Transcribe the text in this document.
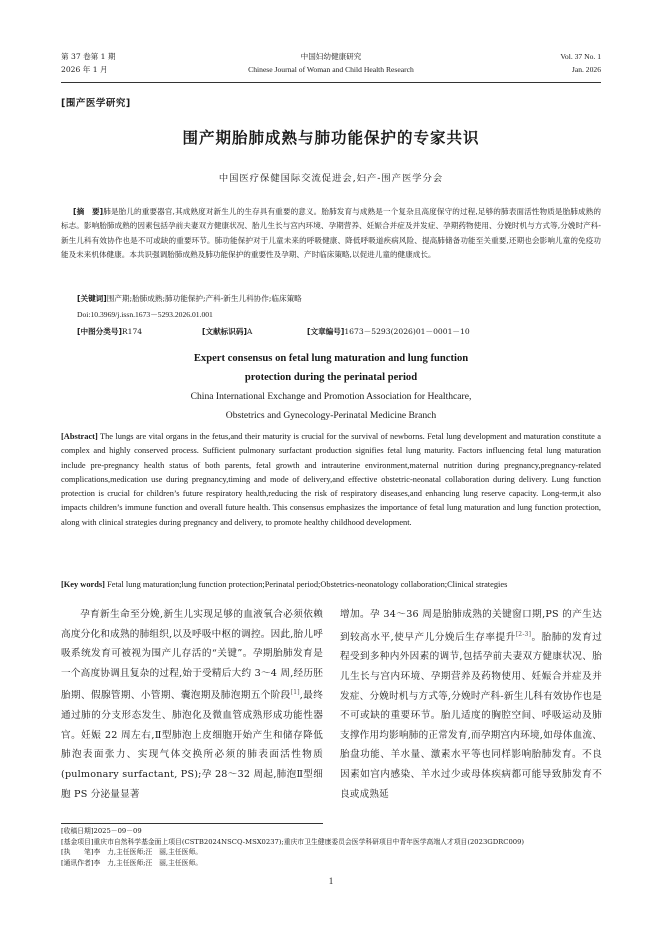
第 37 卷第 1 期
2026 年 1 月
中国妇幼健康研究
Chinese Journal of Woman and Child Health Research
Vol. 37 No. 1
Jan. 2026
[围产医学研究]
围产期胎肺成熟与肺功能保护的专家共识
中国医疗保健国际交流促进会,妇产-围产医学分会
[摘　要]肺是胎儿的重要器官,其成熟度对新生儿的生存具有重要的意义。胎肺发育与成熟是一个复杂且高度保守的过程,足够的肺表面活性物质是胎肺成熟的标志。影响胎肺成熟的因素包括孕前夫妻双方健康状况、胎儿生长与宫内环境、孕期营养、妊娠合并症及并发症、孕期药物使用、分娩时机与方式等,分娩时产科-新生儿科有效协作也是不可或缺的重要环节。肺功能保护对于儿童未来的呼吸健康、降低呼吸道疾病风险、提高肺储备功能至关重要,还期也会影响儿童的免疫功能及未来机体健康。本共识强调胎肺成熟及肺功能保护的重要性及孕期、产时临床策略,以促进儿童的健康成长。
[关键词]围产期;胎肺成熟;肺功能保护;产科-新生儿科协作;临床策略
Doi:10.3969/j.issn.1673－5293.2026.01.001
[中图分类号]R174	[文献标识码]A	[文章编号]1673－5293(2026)01－0001－10
Expert consensus on fetal lung maturation and lung function
protection during the perinatal period
China International Exchange and Promotion Association for Healthcare,
Obstetrics and Gynecology-Perinatal Medicine Branch
[Abstract] The lungs are vital organs in the fetus,and their maturity is crucial for the survival of newborns. Fetal lung development and maturation constitute a complex and highly conserved process. Sufficient pulmonary surfactant production signifies fetal lung maturity. Factors influencing fetal lung maturation include pre-pregnancy health status of both parents, fetal growth and intrauterine environment,maternal nutrition during pregnancy,pregnancy-related complications,medication use during pregnancy,timing and mode of delivery,and effective obstetric-neonatal collaboration during delivery. Lung function protection is crucial for children’s future respiratory health,reducing the risk of respiratory diseases,and enhancing lung reserve capacity. Long-term,it also impacts children’s immune function and overall future health. This consensus emphasizes the importance of fetal lung maturation and lung function protection, along with clinical strategies during pregnancy and delivery, to promote healthy childhood development.
[Key words] Fetal lung maturation;lung function protection;Perinatal period;Obstetrics-neonatology collaboration;Clinical strategies
孕育新生命至分娩,新生儿实现足够的血液氧合必须依赖高度分化和成熟的肺组织,以及呼吸中枢的调控。因此,胎儿呼吸系统发育可被视为围产儿存活的“关键”。孕期胎肺发育是一个高度协调且复杂的过程,始于受精后大约 3～4 周,经历胚胎期、假腺管期、小管期、囊泡期及肺泡期五个阶段[1],最终通过肺的分支形态发生、肺泡化及微血管成熟形成功能性器官。妊娠 22 周左右,Ⅱ型肺泡上皮细胞开始产生和储存降低肺泡表面张力、实现气体交换所必须的肺表面活性物质(pulmonary surfactant, PS);孕 28～32 周起,肺泡Ⅱ型细胞 PS 分泌量显著
增加。孕 34～36 周是胎肺成熟的关键窗口期,PS 的产生达到较高水平,使早产儿分娩后生存率提升[2-3]。胎肺的发育过程受到多种内外因素的调节,包括孕前夫妻双方健康状况、胎儿生长与宫内环境、孕期营养及药物使用、妊娠合并症及并发症、分娩时机与方式等,分娩时产科-新生儿科有效协作也是不可或缺的重要环节。胎儿适度的胸腔空间、呼吸运动及肺支撑作用均影响肺的正常发育,而孕期宫内环境,如母体血流、胎盘功能、羊水量、激素水平等也同样影响胎肺发育。不良因素如宫内感染、羊水过少或母体疾病都可能导致肺发育不良或成熟延
[收稿日期]2025－09－09
[基金项目]重庆市自然科学基金面上项目(CSTB2024NSCQ-MSX0237);重庆市卫生健康委员会医学科研项目中青年医学高端人才项目(2023GDRC009)
[执　　笔]李　力,主任医师;汪　丽,主任医师。
[通讯作者]李　力,主任医师;汪　丽,主任医师。
1
